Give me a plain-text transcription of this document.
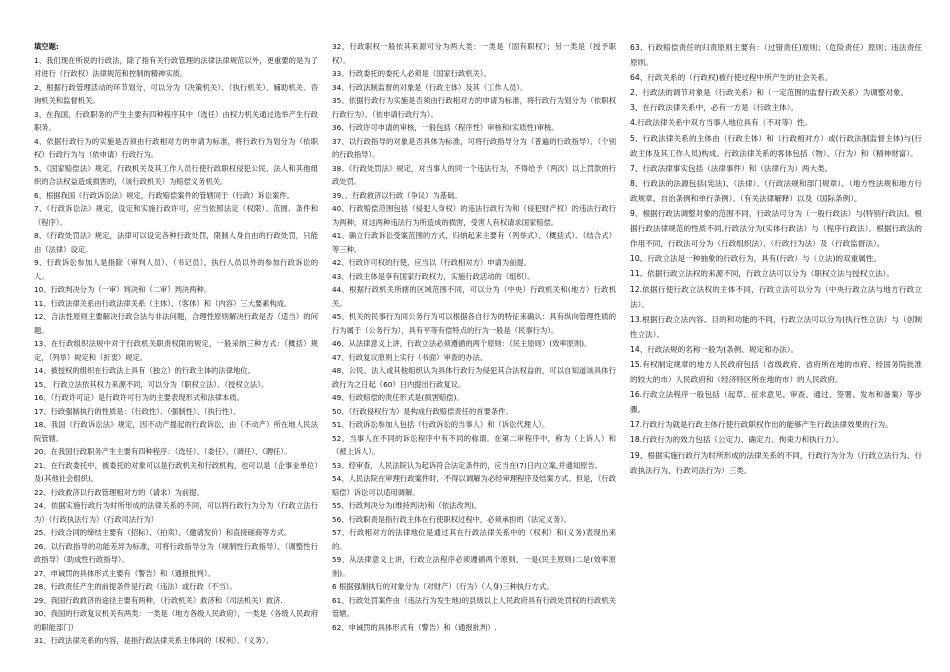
填空题:

1、我们现在所说的行政法，除了指有关行政管理的法律法律规范以外，更重要的是为了对进行（行政权）法律规范和控制的精神实质。

2、根据行政管理活动的环节划分，可以分为（决策机关）、（执行机关）、辅助机关、咨询机关和监督机关。

3、在我国，行政职务的产生主要有四种程序其中（选任）由权力机关通过选举产生行政职务。

4、依据行政行为的实施是否须由行政相对方的申请为标准，将行政行为划分为（依职权）行政行为与（依申请）行政行为。

5、《国家赔偿法》规定，行政机关及其工作人员行使行政职权侵犯公民、法人和其他组织的合法权益造成损害的，（该行政机关）为赔偿义务机关。

6、根据我国《行政诉讼法》规定，行政赔偿案件的管辖同于（行政）诉讼案件。

7、《行政诉讼法》规定，设定和实施行政许可，应当依照法定（权限）、范围、条件和（程序）。

8、《行政处罚法》规定，法律可以设定各种行政处罚，限制人身自由的行政处罚，只能由（法律）设定。

9、行政诉讼参加人是指除（审判人员）、（书记员）、执行人员以外的参加行政诉讼的人。

10、行政判决分为（一审）判决和（二审）判决两种。

11、行政法律关系由行政法律关系（主体）、（客体）和（内容）三大要素构成。

12、合法性原则主要解决行政合法与非法问题，合理性原则解决行政是否（适当）的问题。

13、在行政组织法规中对于行政机关职责权限的规定，一般采纳三种方式：（概括）规定，（列举）规定和（折衷）规定。

14、被授权的组织在行政法上具有（独立）的行政主体的法律地位。

15、 行政立法依其权力来源不同，可以分为（职权立法）、（授权立法）。

16、（行政许可证）是行政许可行为的主要表现形式和法律本质。

17、行政强制执行的性质是：（行政性）、（强制性）、（执行性）。

18、我国《行政诉讼法》规定，因不动产提起的行政诉讼，由（不动产）所在地人民法院管辖。

20、在我国行政职务产生主要有四种程序：（选任）、（委任）、（调任）、（聘任）。

21、在行政委托中，被委托的对象可以是行政机关和行政机构，也可以是（企事业单位）及(其他社会组织)。

22、行政救济以行政管理相对方的（请求）为前提。

24、依据实施行政行为时所形成的法律关系的不同，可以将行政行为分为（行政立法行为）（行政执法行为）（行政司法行为）

25、行政合同的缔结主要有（招标）、（拍卖）、（邀请发价）和直接磋商等方式。

26、以行政指导的功能差异为标准，可将行政指导分为（规制性行政指导）、（调整性行政指导）（助成性行政指导）。

27、申诫罚的具体形式主要有（警告）和（通报批判）。

28、行政责任产生的前提条件是行政（违法）或行政（不当）。

29、我国行政救济的途径主要有两种，（行政机关）救济和（司法机关）救济.

30、我国的行政复议机关有两类：一类是（地方各级人民政府），一类是（各级人民政府的职能部门）

31、行政法律关系的内容，是指行政法律关系主体间的（权利）、（义务）。

32、行政职权一般依其来源可分为两大类：一类是（固有职权）；另一类是（授予职权）。

33、行政委托的委托人必须是（国家行政机关）。

34、行政法制监督的对象是（行政主体）及其（工作人员）。

35、依据行政行为实施是否须由行政相对方的申请为标准，将行政行为划分为（依职权行政行为）、（依申请行政行为）。

36、行政许可申请的审核，一般包括（程序性）审核和(实质性)审核。

37、以行政指导的对象是否具体为标准，可将行政指导分为（普遍的行政指导）、（个别的行政指导）。

38、《行政处罚法》规定，对当事人的同一个违法行为，不得给予（两次）以上罚款的行政处罚。

39、、行政救济以行政（争议）为基础。

40、行政赔偿范围包括（侵犯人身权）的违法行政行为和（侵犯财产权）的违法行政行为两种，对这两种违法行为所造成的损害，受害人有权请求国家赔偿。

41、确立行政诉讼受案范围的方式，归纳起来主要有（列举式）、（概括式）、（结合式）等三种。

42、行政许可权的行使，应当以（行政相对方）申请为前提。

43、行政主体是享有国家行政权力，实施行政活动的（组织）。

44、根据行政机关所辖的区域范围不同，可以分为（中央）行政机关和(地方）行政机关。

45、机关的民事行为同公务行为可以根据各自行为的特征来确认：具有纵向管理性质的行为属于（公务行为），具有平等有偿特点的行为一般是（民事行为）。

46、从法律意义上讲，行政立法必须遵循的两个原则：（民主原则）(效率原则)。

47、行政复议原则上实行（书面）审查的办法。

48、公民、法人或其他组织认为具体行政行为侵犯其合法权益的，可以自知道该具体行政行为之日起（60）日内提出行政复议。

49、行政赔偿的责任形式是(损害赔偿)。

50、（行政侵权行为）是构成行政赔偿责任的首要条件。

51、行政诉讼参加人包括（行政诉讼的当事人）和（诉讼代理人）。

52、当事人在不同的诉讼程序中有不同的称谓。在第二审程序中，称为（上诉人）和（被上诉人）。

53、经审查，人民法院认为起诉符合法定条件的，应当在(7)日内立案,并通知原告。

54、人民法院在审理行政案件时，不得以调解为必经审理程序及结案方式。但是，（行政赔偿）诉讼可以适用调解。

55、行政判决分为(维持判决)和（依法改判)。

56、行政职责是指行政主体在行使职权过程中，必须承担的（法定义务）。

57、行政相对方的法律地位是通过其在行政法律关系中的（权利）和(义务)表现出来的。

59、从法律意义上讲，行政立法程序必须遵循两个原则，一是(民主原则)二是(效率原则)。

6 根据强制执行的对象分为（对财产）（行为）（人身)三种执行方式。

61、行政处罚案件由（违法行为发生地)的县级以上人民政府具有行政处罚权的行政机关管辖。

62、申诫罚的具体形式有（警告）和（通报批判）.

63、行政赔偿责任的归责原则主要有：（过错责任)原则；（危险责任）原则；违法责任原则。

64、行政关系的（行政权)被行使过程中所产生的社会关系。

2、行政法的调节对象是（行政关系）和（一定范围的监督行政关系）为调整对象。

3、在行政法律关系中，必有一方是（行政主体）。

4.行政法律关系中双方当事人地位具有（不对等）性。

5、行政法律关系的主体由（行政主体）和（行政相对方）或(行政法制监督主体)与(行政主体及其工作人员)构成。行政法律关系的客体包括（物）、（行为）和（精神财富）。

7、行政法律事实包括（法律事件）和（法律行为）两大类。

8、行政法的法源包括(宪法)、（法律）、（行政法规和部门规章）、（地方性法规和地方行政规章、自治条例和单行条例）、（有关法律解释）以及（国际条例）。

9、根据行政法调整对象的范围不同，行政法可分为（一般行政法）与(特别行政法)。根据行政法律规范的性质不同,行政法分为(实体行政法）与（程序行政法）。根据行政法的作用不同，行政法可分为（行政组织法）、（行政行为法）及（行政监督法）。

10、行政立法是一种抽象的行政行为，具有(行政）与（立法)的双重属性。

11、依据行政立法权的来源不同，行政立法可以分为（职权立法与授权立法）。

12.依据行使行政立法权的主体不同，行政立法可以分为（中央行政立法与地方行政立法）。

13.根据行政立法内容、目的和功能的不同，行政立法可以分为(执行性立法）与（创制性立法）。

14、行政法规的名称一般为(条例、规定和办法）。

15.有权制定规章的地方人民政府包括（省级政府、省府所在地的市府、经国务院批准的较大的市）人民政府和（经济特区所在地的市）的人民政府。

16.行政立法程序一般包括（起草、征求意见、审查、通过、签署、发布和备案）等步骤。

17.行政行为就是行政主体行使行政职权作出的能够产生行政法律效果的行为。

18.行政行为的效力包括（公定力、确定力、拘束力和执行力）。

19、根据实施行政行为时所形成的法律关系的不同，行政行为分为（行政立法行为、行政执法行为、行政司法行为）三类。
